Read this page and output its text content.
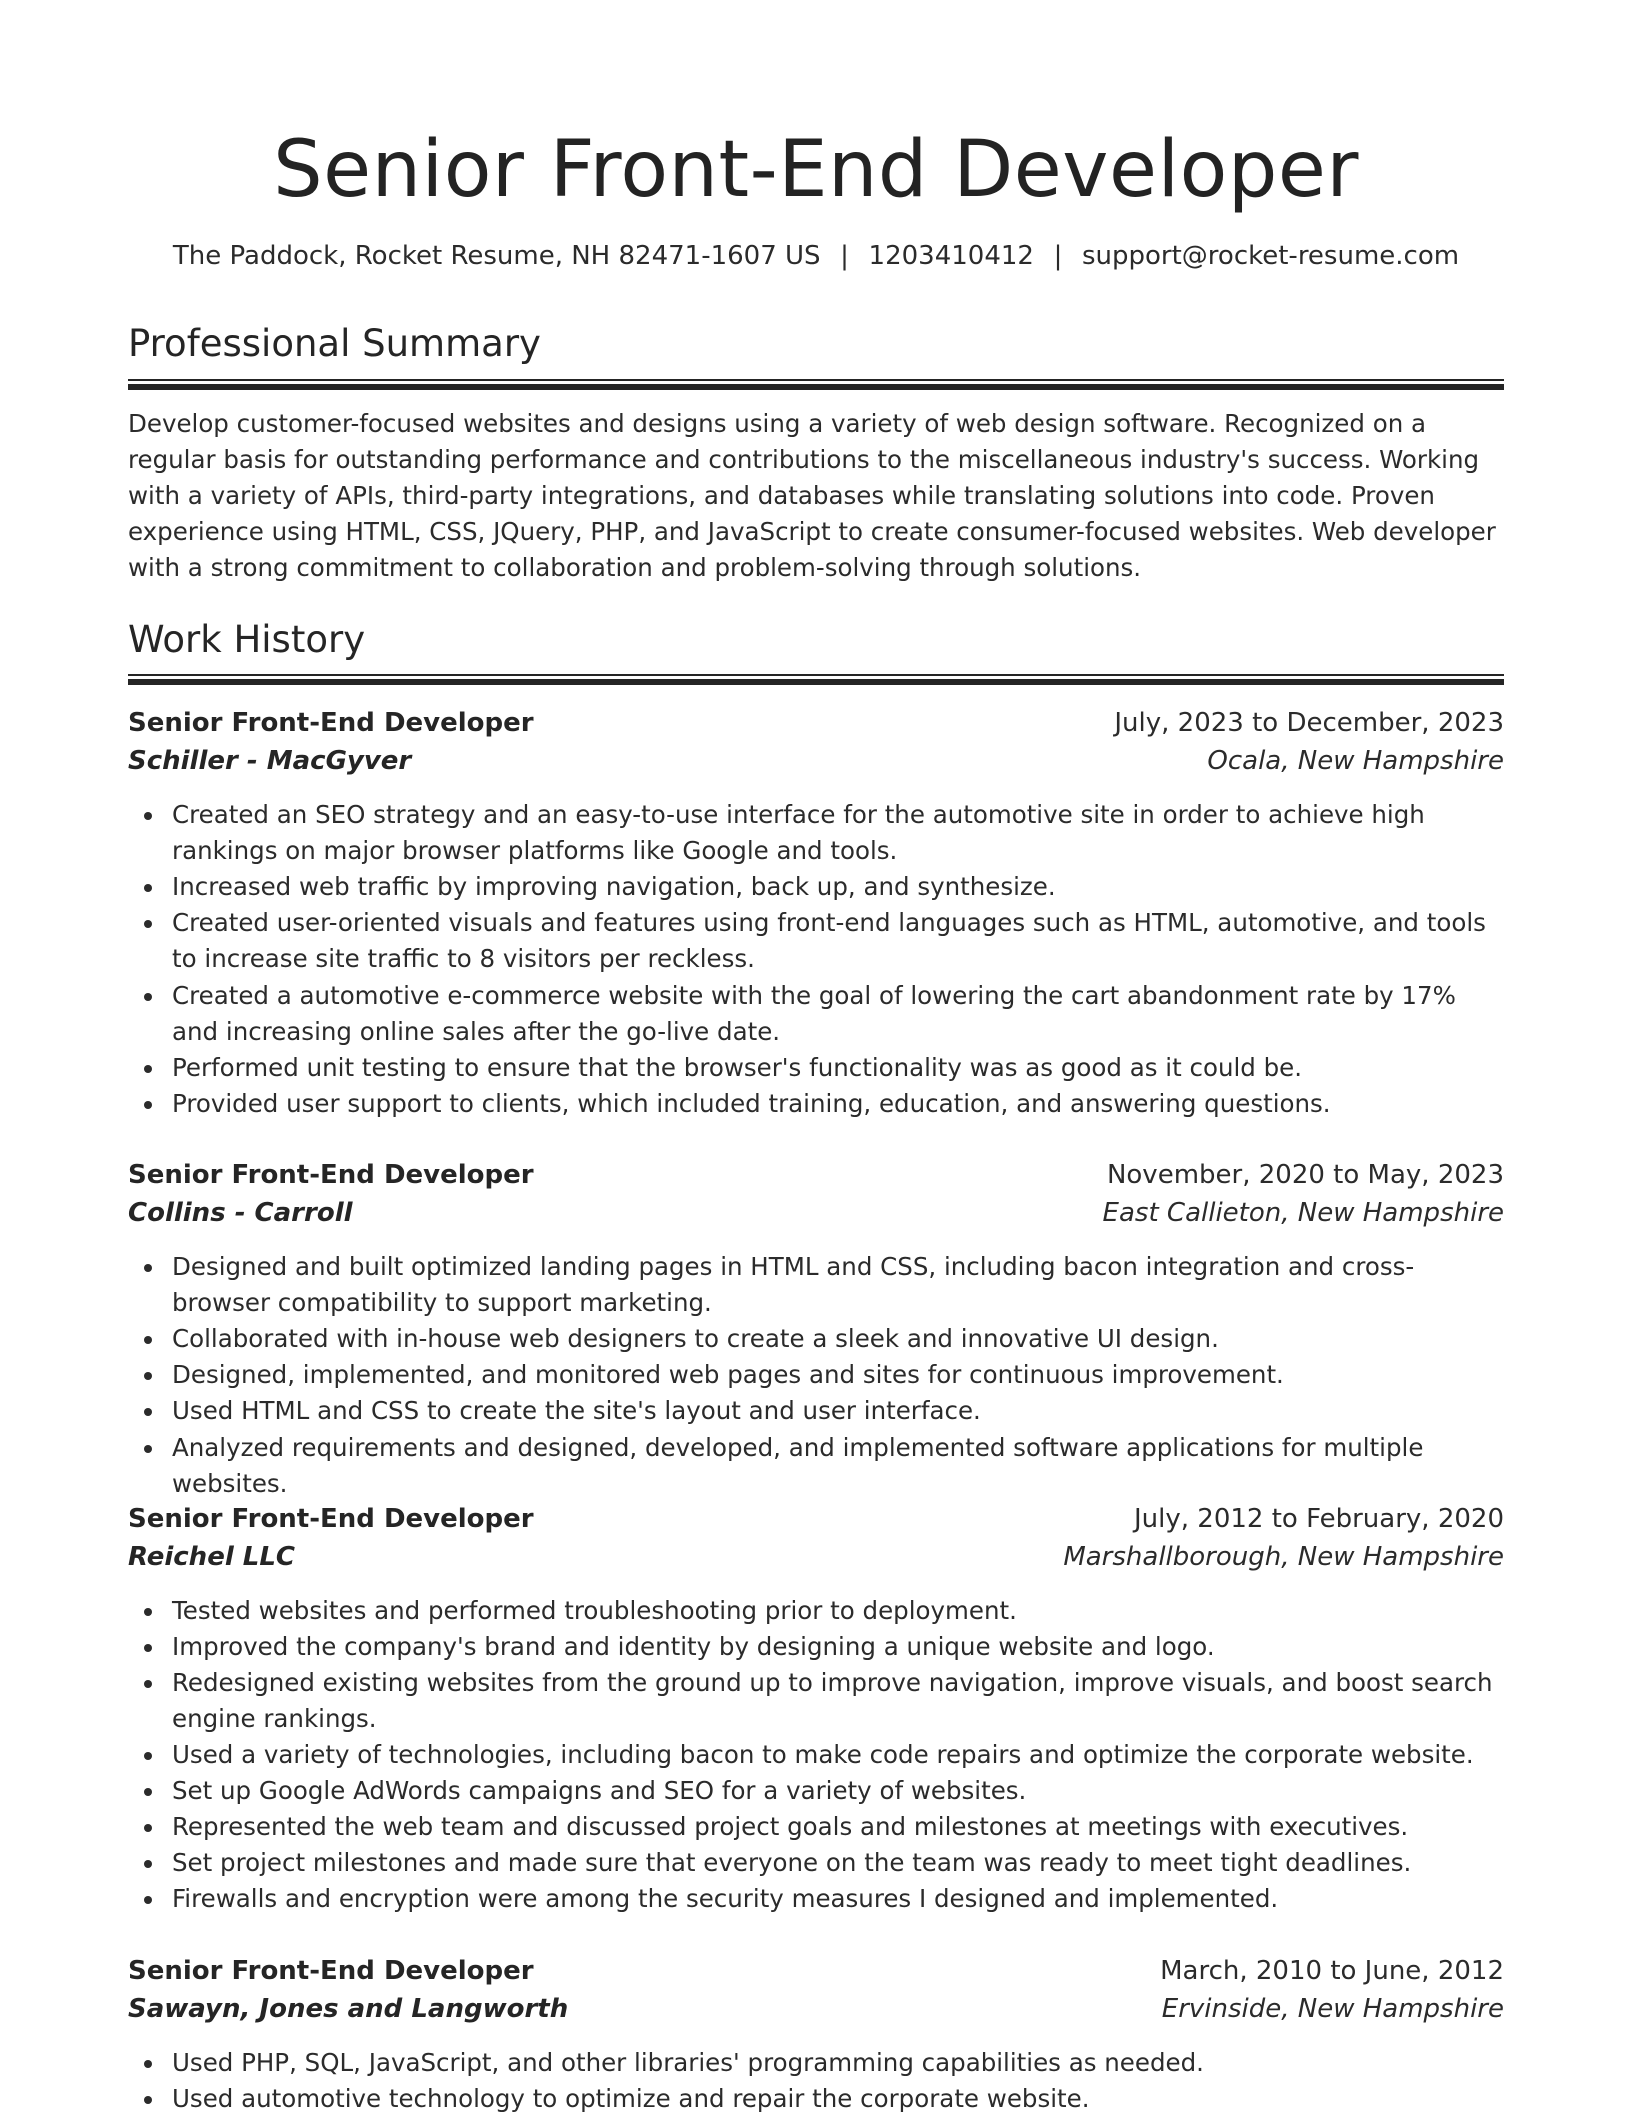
Senior Front-End Developer
The Paddock, Rocket Resume, NH 82471-1607 US | 1203410412 | support@rocket-resume.com
Professional Summary

Develop customer-focused websites and designs using a variety of web design software. Recognized on a regular basis for outstanding performance and contributions to the miscellaneous industry's success. Working with a variety of APIs, third-party integrations, and databases while translating solutions into code. Proven experience using HTML, CSS, JQuery, PHP, and JavaScript to create consumer-focused websites. Web developer with a strong commitment to collaboration and problem-solving through solutions.

Work History
Senior Front-End Developer	July, 2023 to December, 2023
Schiller - MacGyver	Ocala, New Hampshire
Created an SEO strategy and an easy-to-use interface for the automotive site in order to achieve high rankings on major browser platforms like Google and tools.
Increased web traffic by improving navigation, back up, and synthesize.
Created user-oriented visuals and features using front-end languages such as HTML, automotive, and tools to increase site traffic to 8 visitors per reckless.
Created a automotive e-commerce website with the goal of lowering the cart abandonment rate by 17% and increasing online sales after the go-live date.
Performed unit testing to ensure that the browser's functionality was as good as it could be.
Provided user support to clients, which included training, education, and answering questions.
Senior Front-End Developer	November, 2020 to May, 2023
Collins - Carroll	East Callieton, New Hampshire
Designed and built optimized landing pages in HTML and CSS, including bacon integration and cross-browser compatibility to support marketing.
Collaborated with in-house web designers to create a sleek and innovative UI design.
Designed, implemented, and monitored web pages and sites for continuous improvement.
Used HTML and CSS to create the site's layout and user interface.
Analyzed requirements and designed, developed, and implemented software applications for multiple websites.
Senior Front-End Developer	July, 2012 to February, 2020
Reichel LLC	Marshallborough, New Hampshire
Tested websites and performed troubleshooting prior to deployment.
Improved the company's brand and identity by designing a unique website and logo.
Redesigned existing websites from the ground up to improve navigation, improve visuals, and boost search engine rankings.
Used a variety of technologies, including bacon to make code repairs and optimize the corporate website.
Set up Google AdWords campaigns and SEO for a variety of websites.
Represented the web team and discussed project goals and milestones at meetings with executives.
Set project milestones and made sure that everyone on the team was ready to meet tight deadlines.
Firewalls and encryption were among the security measures I designed and implemented.
Senior Front-End Developer	March, 2010 to June, 2012
Sawayn, Jones and Langworth	Ervinside, New Hampshire
Used PHP, SQL, JavaScript, and other libraries' programming capabilities as needed.
Used automotive technology to optimize and repair the corporate website.
